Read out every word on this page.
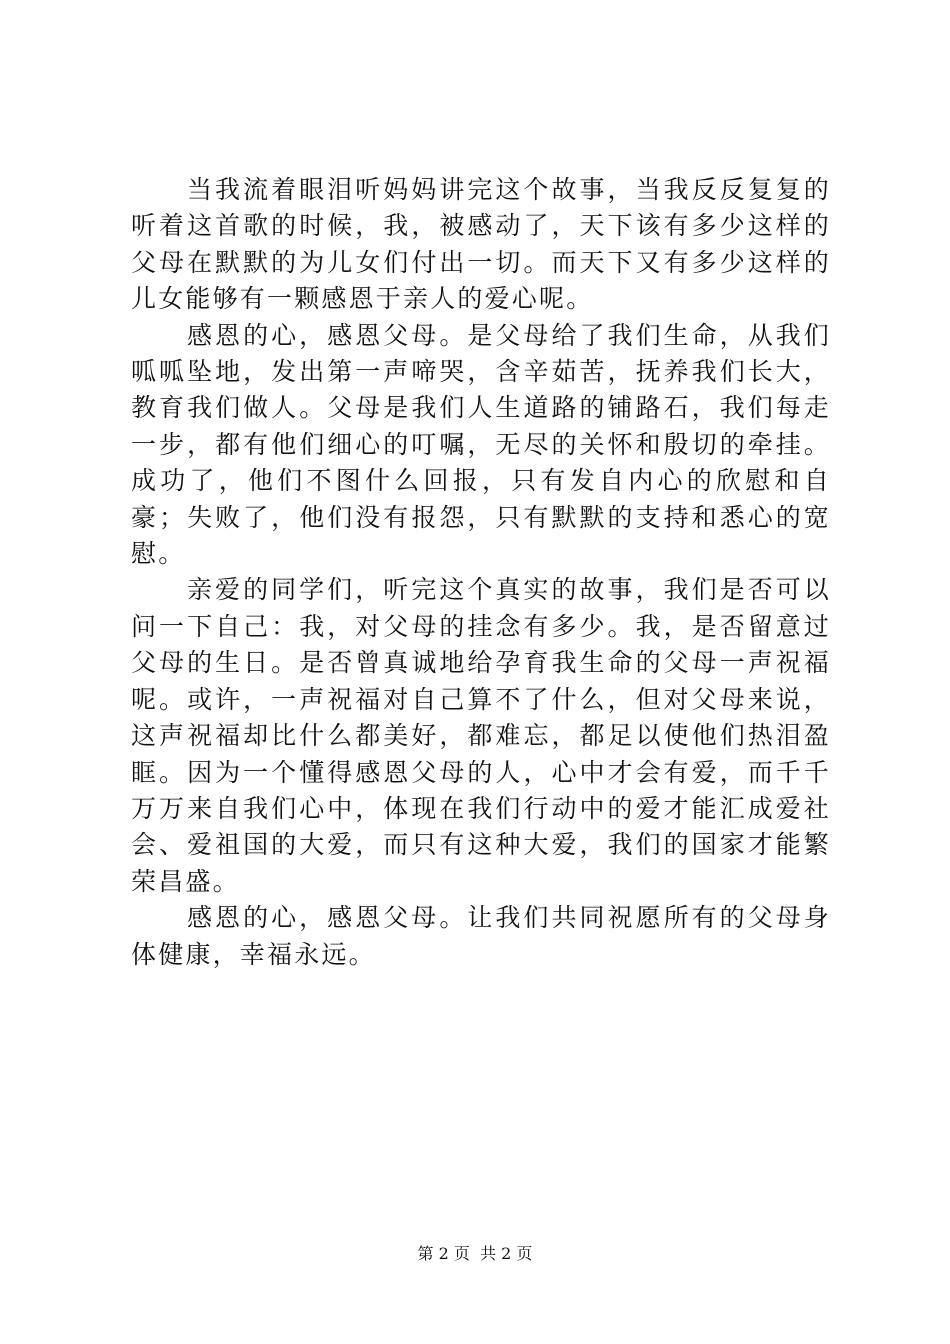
当我流着眼泪听妈妈讲完这个故事，当我反反复复的听着这首歌的时候，我，被感动了，天下该有多少这样的父母在默默的为儿女们付出一切。而天下又有多少这样的儿女能够有一颗感恩于亲人的爱心呢。

感恩的心，感恩父母。是父母给了我们生命，从我们呱呱坠地，发出第一声啼哭，含辛茹苦，抚养我们长大，教育我们做人。父母是我们人生道路的铺路石，我们每走一步，都有他们细心的叮嘱，无尽的关怀和殷切的牵挂。成功了，他们不图什么回报，只有发自内心的欣慰和自豪；失败了，他们没有报怨，只有默默的支持和悉心的宽慰。

亲爱的同学们，听完这个真实的故事，我们是否可以问一下自己：我，对父母的挂念有多少。我，是否留意过父母的生日。是否曾真诚地给孕育我生命的父母一声祝福呢。或许，一声祝福对自己算不了什么，但对父母来说，这声祝福却比什么都美好，都难忘，都足以使他们热泪盈眶。因为一个懂得感恩父母的人，心中才会有爱，而千千万万来自我们心中，体现在我们行动中的爱才能汇成爱社会、爱祖国的大爱，而只有这种大爱，我们的国家才能繁荣昌盛。

感恩的心，感恩父母。让我们共同祝愿所有的父母身体健康，幸福永远。

第 2 页  共 2 页
